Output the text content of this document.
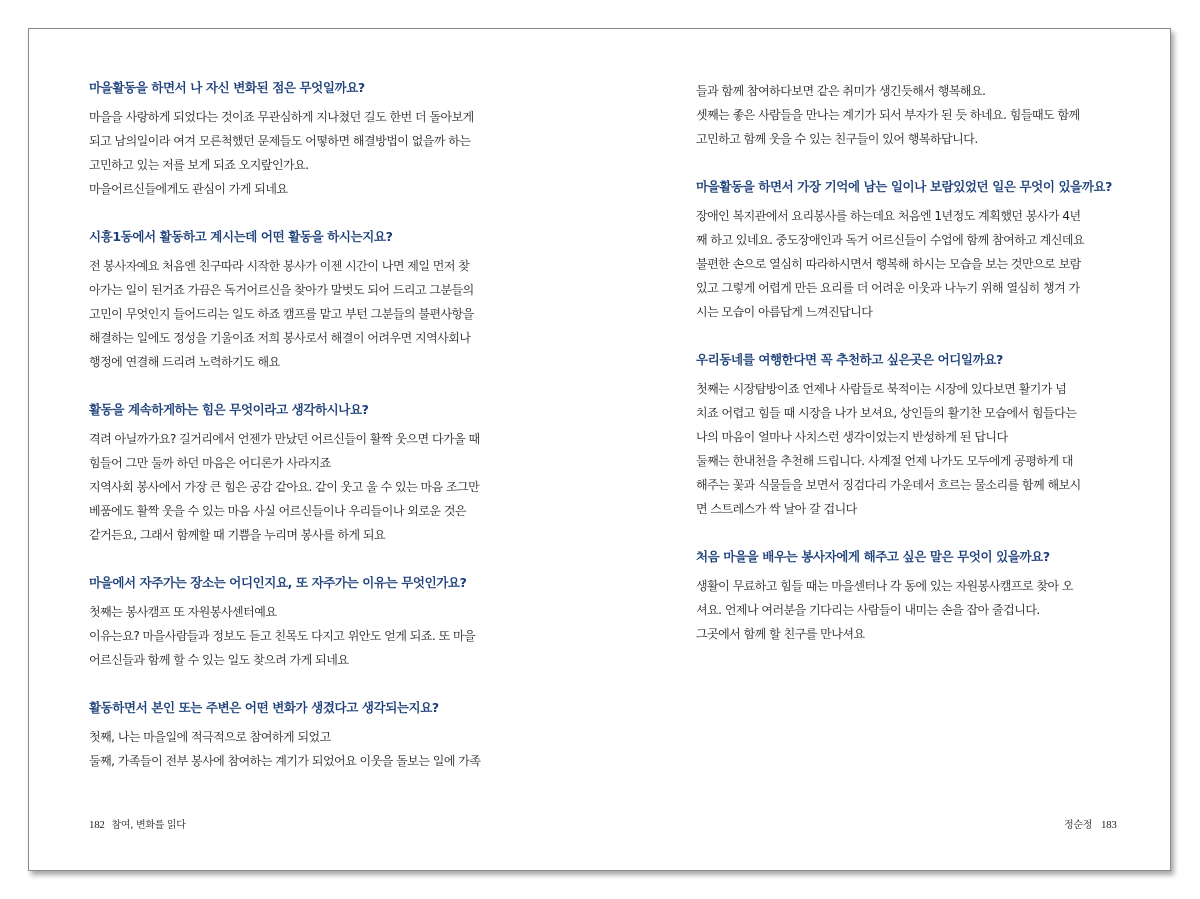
마을활동을 하면서 나 자신 변화된 점은 무엇일까요?

마을을 사랑하게 되었다는 것이죠 무관심하게 지나쳤던 길도 한번 더 돌아보게

되고 남의일이라 여겨 모른척했던 문제들도 어떻하면 해결방법이 없을까 하는

고민하고 있는 저를 보게 되죠 오지랖인가요.

마을어르신들에게도 관심이 가게 되네요

시흥1동에서 활동하고 계시는데 어떤 활동을 하시는지요?

전 봉사자예요 처음엔 친구따라 시작한 봉사가 이젠 시간이 나면 제일 먼저 찾

아가는 일이 된거죠 가끔은 독거어르신을 찾아가 말벗도 되어 드리고 그분들의

고민이 무엇인지 들어드리는 일도 하죠 캠프를 맡고 부턴 그분들의 불편사항을

해결하는 일에도 정성을 기울이죠 저희 봉사로서 해결이 어려우면 지역사회나

행정에 연결해 드리려 노력하기도 해요

활동을 계속하게하는 힘은 무엇이라고 생각하시나요?

격려 아닐까가요? 길거리에서 언젠가 만났던 어르신들이 활짝 웃으면 다가올 때

힘들어 그만 둘까 하던 마음은 어디론가 사라지죠

지역사회 봉사에서 가장 큰 힘은 공감 같아요. 같이 웃고 울 수 있는 마음 조그만

베품에도 활짝 웃을 수 있는 마음 사실 어르신들이나 우리들이나 외로운 것은

같거든요, 그래서 함께할 때 기쁨을 누리며 봉사를 하게 되요

마을에서 자주가는 장소는 어디인지요, 또 자주가는 이유는 무엇인가요?

첫째는 봉사캠프 또 자원봉사센터예요

이유는요? 마을사람들과 정보도 듣고 친목도 다지고 위안도 얻게 되죠. 또 마을

어르신들과 함께 할 수 있는 일도 찾으려 가게 되네요

활동하면서 본인 또는 주변은 어떤 변화가 생겼다고 생각되는지요?

첫째, 나는 마을일에 적극적으로 참여하게 되었고

둘째, 가족들이 전부 봉사에 참여하는 계기가 되었어요 이웃을 돌보는 일에 가족

들과 함께 참여하다보면 같은 취미가 생긴듯해서 행복해요.

셋째는 좋은 사람들을 만나는 계기가 되서 부자가 된 듯 하네요. 힘들때도 함께

고민하고 함께 웃을 수 있는 친구들이 있어 행복하답니다.

마을활동을 하면서 가장 기억에 남는 일이나 보람있었던 일은 무엇이 있을까요?

장애인 복지관에서 요리봉사를 하는데요 처음엔 1년정도 계획했던 봉사가 4년

째 하고 있네요. 중도장애인과 독거 어르신들이 수업에 함께 참여하고 계신데요

불편한 손으로 열심히 따라하시면서 행복해 하시는 모습을 보는 것만으로 보람

있고 그렇게 어렵게 만든 요리를 더 어려운 이웃과 나누기 위해 열심히 챙겨 가

시는 모습이 아름답게 느껴진답니다

우리동네를 여행한다면 꼭 추천하고 싶은곳은 어디일까요?

첫째는 시장탐방이죠 언제나 사람들로 북적이는 시장에 있다보면 활기가 넘

치죠 어렵고 힘들 때 시장을 나가 보셔요, 상인들의 활기찬 모습에서 힘들다는

나의 마음이 얼마나 사치스런 생각이었는지 반성하게 된 답니다

둘째는 한내천을 추천해 드립니다. 사계절 언제 나가도 모두에게 공평하게 대

해주는 꽃과 식물들을 보면서 징검다리 가운데서 흐르는 물소리를 함께 해보시

면 스트레스가 싹 날아 갈 겁니다

처음 마을을 배우는 봉사자에게 해주고 싶은 말은 무엇이 있을까요?

생활이 무료하고 힘들 때는 마을센터나 각 동에 있는 자원봉사캠프로 찾아 오

셔요. 언제나 여러분을 기다리는 사람들이 내미는 손을 잡아 줄겁니다.

그곳에서 함께 할 친구를 만나셔요

182 참여, 변화를 읽다	정순정 183
